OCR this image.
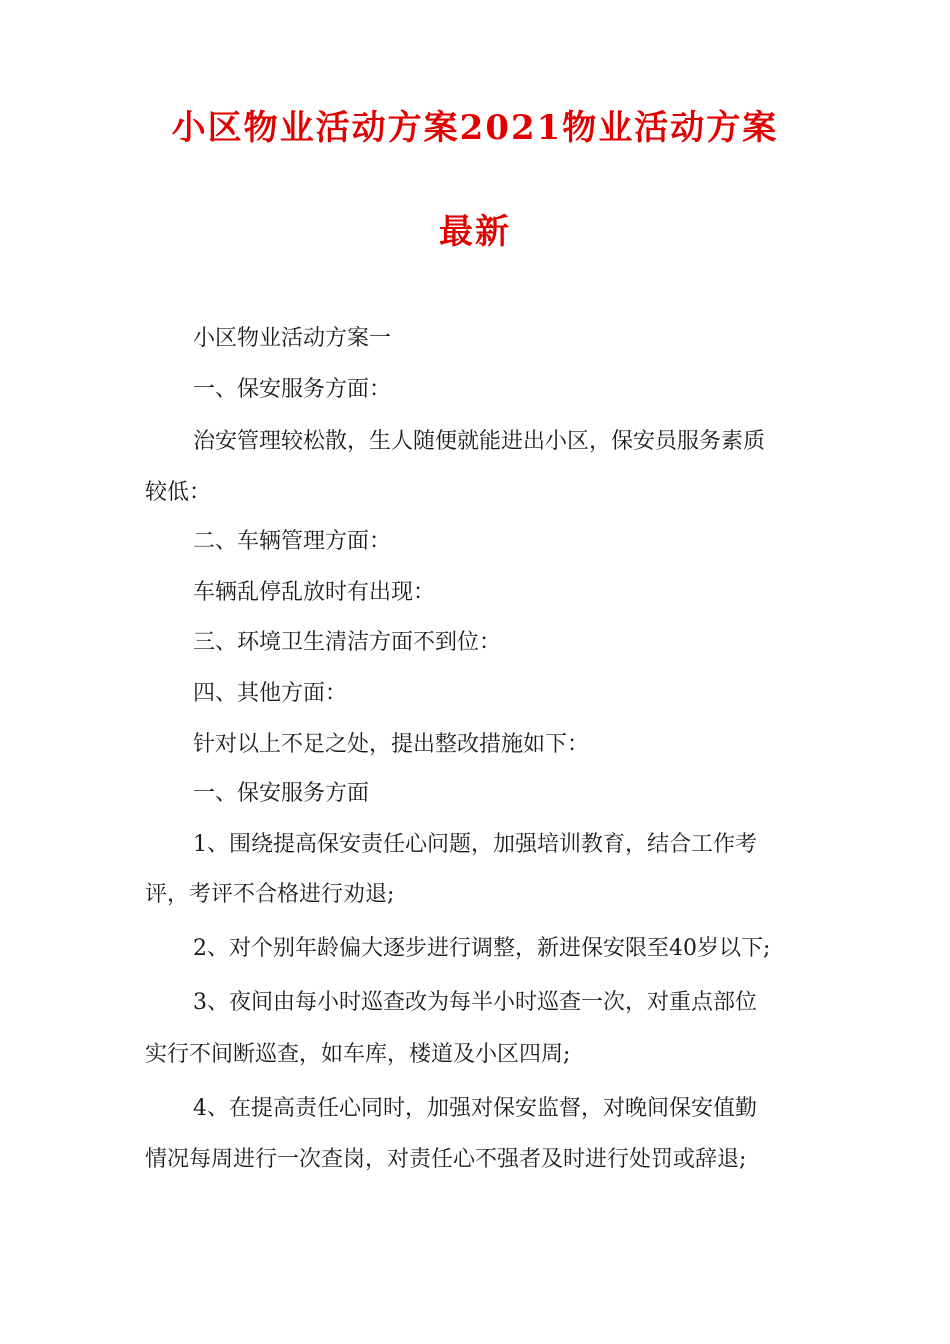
小区物业活动方案2021物业活动方案
最新
小区物业活动方案一
一、保安服务方面：
治安管理较松散，生人随便就能进出小区，保安员服务素质
较低：
二、车辆管理方面：
车辆乱停乱放时有出现：
三、环境卫生清洁方面不到位：
四、其他方面：
针对以上不足之处，提出整改措施如下：
一、保安服务方面
1、围绕提高保安责任心问题，加强培训教育，结合工作考
评，考评不合格进行劝退;
2、对个别年龄偏大逐步进行调整，新进保安限至40岁以下;
3、夜间由每小时巡查改为每半小时巡查一次，对重点部位
实行不间断巡查，如车库，楼道及小区四周;
4、在提高责任心同时，加强对保安监督，对晚间保安值勤
情况每周进行一次查岗，对责任心不强者及时进行处罚或辞退;
